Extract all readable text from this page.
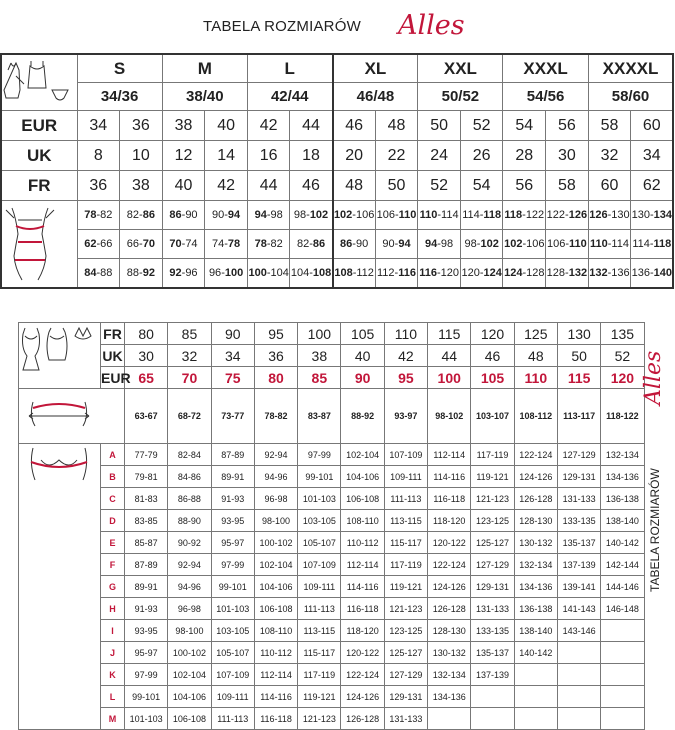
TABELA ROZMIARÓW Alles
	S		M		L		XL		XXL		XXXL		XXXXL	
	34/36		38/40		42/44		46/48		50/52		54/56		58/60	
EUR	34	36	38	40	42	44	46	48	50	52	54	56	58	60
UK	8	10	12	14	16	18	20	22	24	26	28	30	32	34
FR	36	38	40	42	44	46	48	50	52	54	56	58	60	62

	78-82	82-86	86-90	90-94	94-98	98-102	102-106	106-110	110-114	114-118	118-122	122-126	126-130	130-134
	62-66	66-70	70-74	74-78	78-82	82-86	86-90	90-94	94-98	98-102	102-106	106-110	110-114	114-118
	84-88	88-92	92-96	96-100	100-104	104-108	108-112	112-116	116-120	120-124	124-128	128-132	132-136	136-140
	FR	80	85	90	95	100	105	110	115	120	125	130	135
	UK	30	32	34	36	38	40	42	44	46	48	50	52
	EUR	65	70	75	80	85	90	95	100	105	110	115	120

	63-67	68-72	73-77	78-82	83-87	88-92	93-97	98-102	103-107	108-112	113-117	118-122

	A	77-79	82-84	87-89	92-94	97-99	102-104	107-109	112-114	117-119	122-124	127-129	132-134
	B	79-81	84-86	89-91	94-96	99-101	104-106	109-111	114-116	119-121	124-126	129-131	134-136
	C	81-83	86-88	91-93	96-98	101-103	106-108	111-113	116-118	121-123	126-128	131-133	136-138
	D	83-85	88-90	93-95	98-100	103-105	108-110	113-115	118-120	123-125	128-130	133-135	138-140
	E	85-87	90-92	95-97	100-102	105-107	110-112	115-117	120-122	125-127	130-132	135-137	140-142
	F	87-89	92-94	97-99	102-104	107-109	112-114	117-119	122-124	127-129	132-134	137-139	142-144
	G	89-91	94-96	99-101	104-106	109-111	114-116	119-121	124-126	129-131	134-136	139-141	144-146
	H	91-93	96-98	101-103	106-108	111-113	116-118	121-123	126-128	131-133	136-138	141-143	146-148
	I	93-95	98-100	103-105	108-110	113-115	118-120	123-125	128-130	133-135	138-140	143-146	
	J	95-97	100-102	105-107	110-112	115-117	120-122	125-127	130-132	135-137	140-142		
	K	97-99	102-104	107-109	112-114	117-119	122-124	127-129	132-134	137-139			
	L	99-101	104-106	109-111	114-116	119-121	124-126	129-131	134-136				
	M	101-103	106-108	111-113	116-118	121-123	126-128	131-133					
TABELA ROZMIARÓW
Alles
